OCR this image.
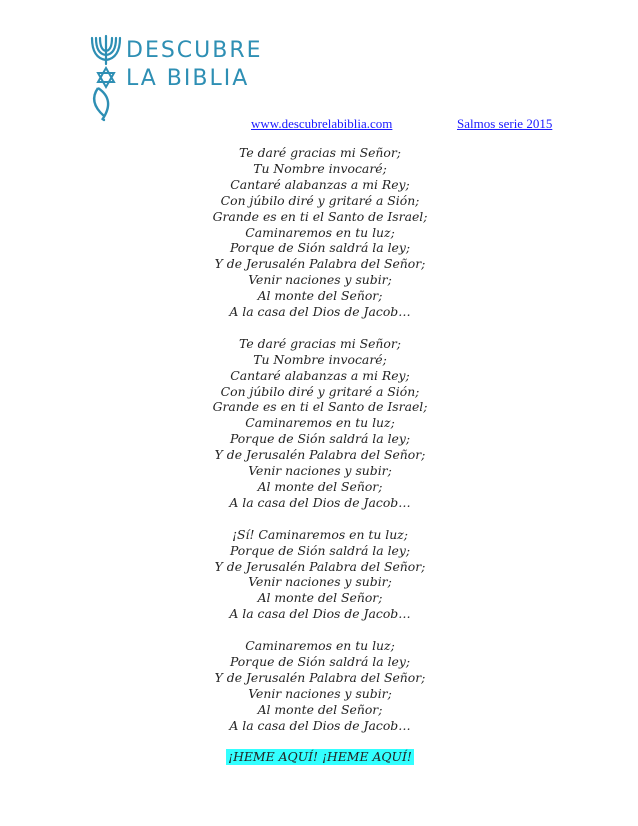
DESCUBRE
LA BIBLIA
www.descubrelabiblia.com	Salmos serie 2015
Te daré gracias mi Señor;
Tu Nombre invocaré;
Cantaré alabanzas a mi Rey;
Con júbilo diré y gritaré a Sión;
Grande es en ti el Santo de Israel;
Caminaremos en tu luz;
Porque de Sión saldrá la ley;
Y de Jerusalén Palabra del Señor;
Venir naciones y subir;
Al monte del Señor;
A la casa del Dios de Jacob…
Te daré gracias mi Señor;
Tu Nombre invocaré;
Cantaré alabanzas a mi Rey;
Con júbilo diré y gritaré a Sión;
Grande es en ti el Santo de Israel;
Caminaremos en tu luz;
Porque de Sión saldrá la ley;
Y de Jerusalén Palabra del Señor;
Venir naciones y subir;
Al monte del Señor;
A la casa del Dios de Jacob…
¡Sí! Caminaremos en tu luz;
Porque de Sión saldrá la ley;
Y de Jerusalén Palabra del Señor;
Venir naciones y subir;
Al monte del Señor;
A la casa del Dios de Jacob…
Caminaremos en tu luz;
Porque de Sión saldrá la ley;
Y de Jerusalén Palabra del Señor;
Venir naciones y subir;
Al monte del Señor;
A la casa del Dios de Jacob…
¡HEME AQUÍ! ¡HEME AQUÍ!
